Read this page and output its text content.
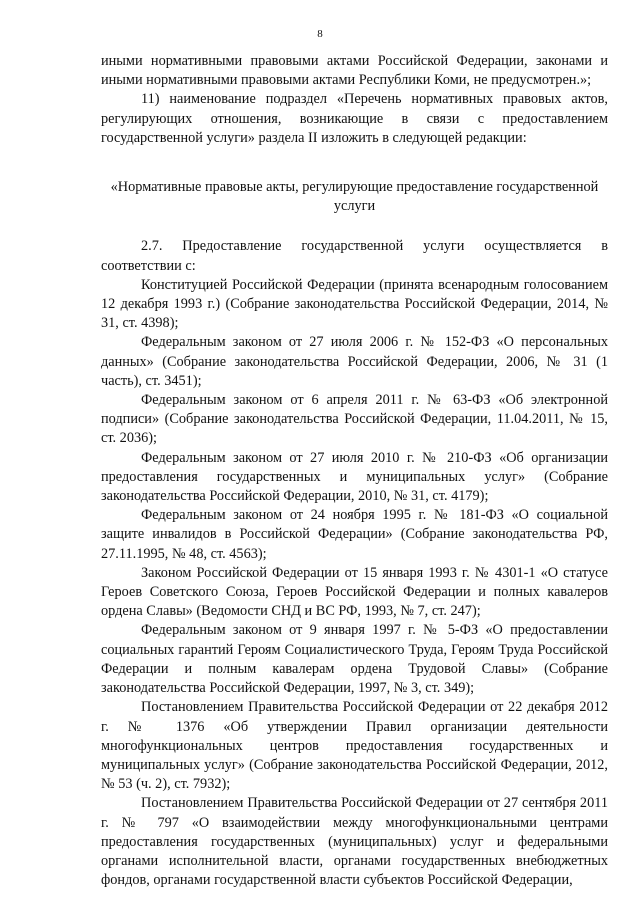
8

иными нормативными правовыми актами Российской Федерации, законами и иными нормативными правовыми актами Республики Коми, не предусмотрен.»;

11) наименование подраздел «Перечень нормативных правовых актов, регулирующих отношения, возникающие в связи с предоставлением государственной услуги» раздела II изложить в следующей редакции:

«Нормативные правовые акты, регулирующие предоставление государственной услуги

2.7. Предоставление государственной услуги осуществляется в соответствии с:

Конституцией Российской Федерации (принята всенародным голосованием 12 декабря 1993 г.) (Собрание законодательства Российской Федерации, 2014, № 31, ст. 4398);

Федеральным законом от 27 июля 2006 г. № 152-ФЗ «О персональных данных» (Собрание законодательства Российской Федерации, 2006, № 31 (1 часть), ст. 3451);

Федеральным законом от 6 апреля 2011 г. № 63-ФЗ «Об электронной подписи» (Собрание законодательства Российской Федерации, 11.04.2011, № 15, ст. 2036);

Федеральным законом от 27 июля 2010 г. № 210-ФЗ «Об организации предоставления государственных и муниципальных услуг» (Собрание законодательства Российской Федерации, 2010, № 31, ст. 4179);

Федеральным законом от 24 ноября 1995 г. № 181-ФЗ «О социальной защите инвалидов в Российской Федерации» (Собрание законодательства РФ, 27.11.1995, № 48, ст. 4563);

Законом Российской Федерации от 15 января 1993 г. № 4301-1 «О статусе Героев Советского Союза, Героев Российской Федерации и полных кавалеров ордена Славы» (Ведомости СНД и ВС РФ, 1993, № 7, ст. 247);

Федеральным законом от 9 января 1997 г. № 5-ФЗ «О предоставлении социальных гарантий Героям Социалистического Труда, Героям Труда Российской Федерации и полным кавалерам ордена Трудовой Славы» (Собрание законодательства Российской Федерации, 1997, № 3, ст. 349);

Постановлением Правительства Российской Федерации от 22 декабря 2012 г. № 1376 «Об утверждении Правил организации деятельности многофункциональных центров предоставления государственных и муниципальных услуг» (Собрание законодательства Российской Федерации, 2012, № 53 (ч. 2), ст. 7932);

Постановлением Правительства Российской Федерации от 27 сентября 2011 г. № 797 «О взаимодействии между многофункциональными центрами предоставления государственных (муниципальных) услуг и федеральными органами исполнительной власти, органами государственных внебюджетных фондов, органами государственной власти субъектов Российской Федерации,
